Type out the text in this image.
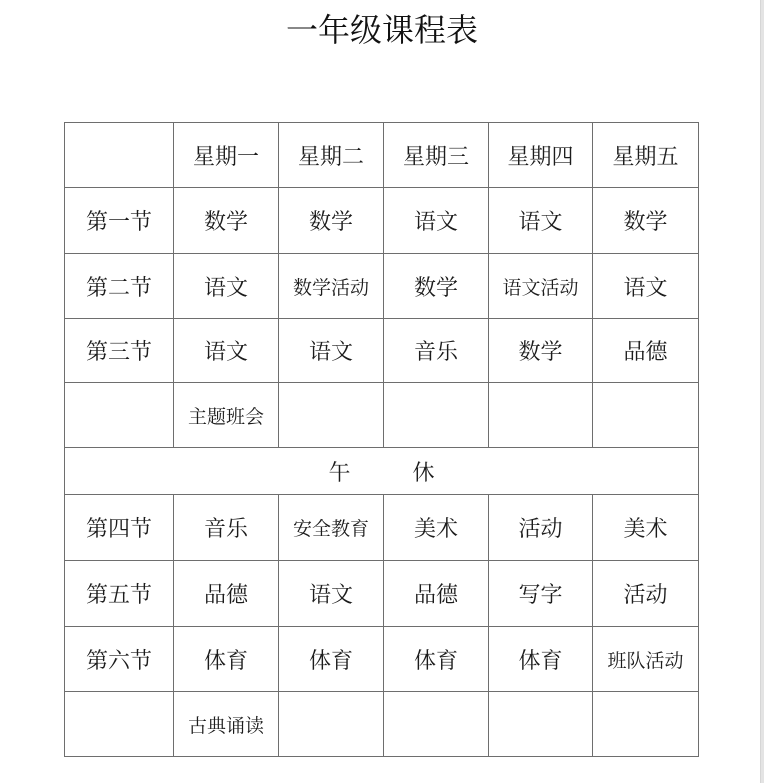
一年级课程表
	星期一	星期二	星期三	星期四	星期五
第一节	数学	数学	语文	语文	数学
第二节	语文	数学活动	数学	语文活动	语文
第三节	语文	语文	音乐	数学	品德
	主题班会				
午 休					
第四节	音乐	安全教育	美术	活动	美术
第五节	品德	语文	品德	写字	活动
第六节	体育	体育	体育	体育	班队活动
	古典诵读				
